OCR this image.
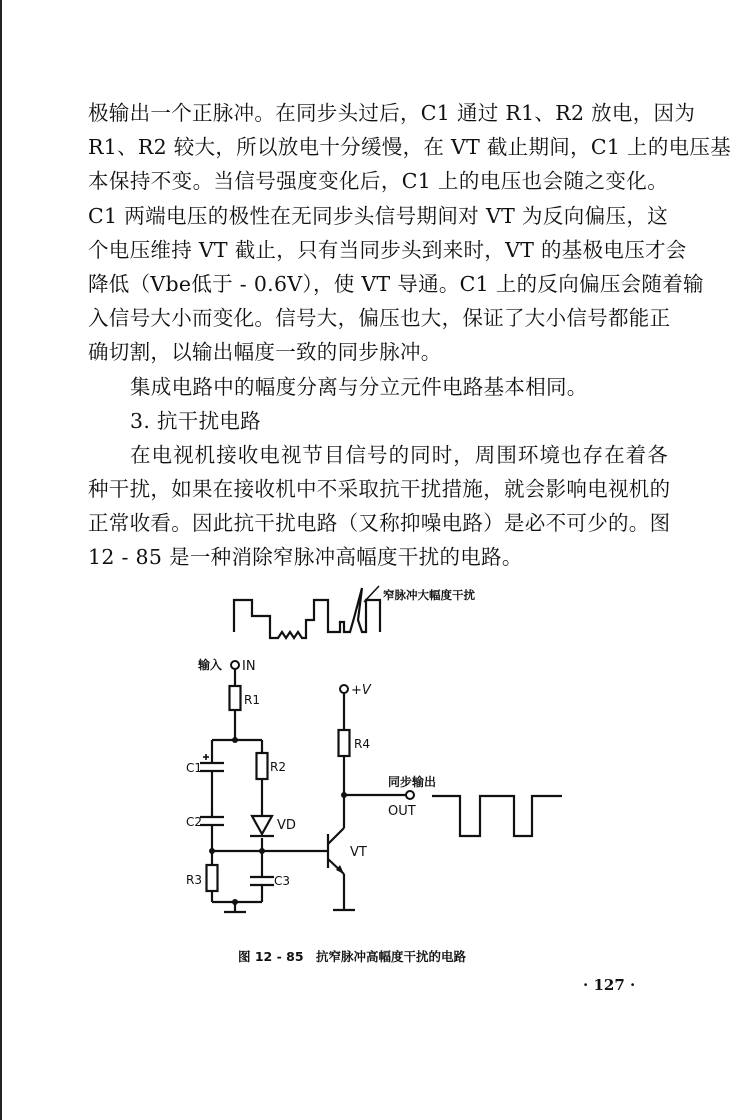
极输出一个正脉冲。在同步头过后，C1 通过 R1、R2 放电，因为
R1、R2 较大，所以放电十分缓慢，在 VT 截止期间，C1 上的电压基
本保持不变。当信号强度变化后，C1 上的电压也会随之变化。
C1 两端电压的极性在无同步头信号期间对 VT 为反向偏压，这
个电压维持 VT 截止，只有当同步头到来时，VT 的基极电压才会
降低（Vbe低于 - 0.6V），使 VT 导通。C1 上的反向偏压会随着输
入信号大小而变化。信号大，偏压也大，保证了大小信号都能正
确切割，以输出幅度一致的同步脉冲。
集成电路中的幅度分离与分立元件电路基本相同。
3. 抗干扰电路
在电视机接收电视节目信号的同时，周围环境也存在着各
种干扰，如果在接收机中不采取抗干扰措施，就会影响电视机的
正常收看。因此抗干扰电路（又称抑噪电路）是必不可少的。图
12 - 85 是一种消除窄脉冲高幅度干扰的电路。
窄脉冲大幅度干扰
输入 IN
R1
R2
C1
C2
R3	C3
VD
VT
+V
R4
同步输出
OUT
图 12 - 85　抗窄脉冲高幅度干扰的电路
· 127 ·
